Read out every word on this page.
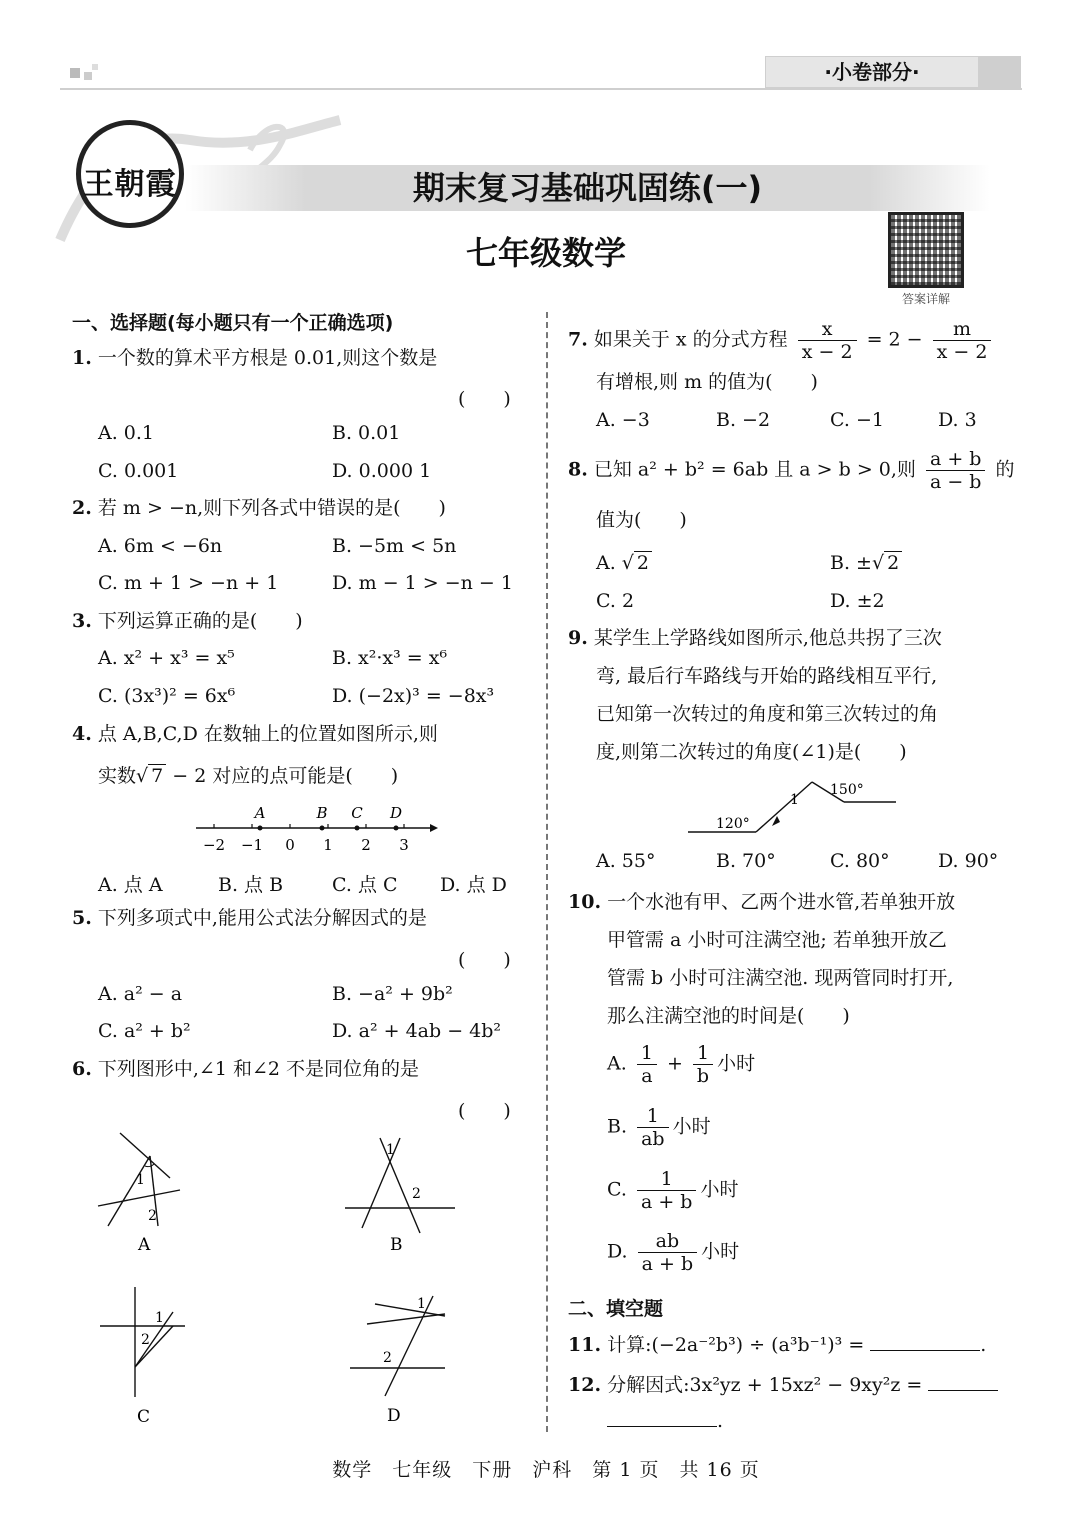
·小卷部分·
王朝霞	期末复习基础巩固练(一)
七年级数学
答案详解
一、选择题(每小题只有一个正确选项)
1. 一个数的算术平方根是 0.01,则这个数是
(　　)
A. 0.1	B. 0.01
C. 0.001	D. 0.000 1
2. 若 m > −n,则下列各式中错误的是(　　)
A. 6m < −6n	B. −5m < 5n
C. m + 1 > −n + 1	D. m − 1 > −n − 1
3. 下列运算正确的是(　　)
A. x² + x³ = x⁵	B. x²·x³ = x⁶
C. (3x³)² = 6x⁶	D. (−2x)³ = −8x³
4. 点 A,B,C,D 在数轴上的位置如图所示,则
实数√ 7 − 2 对应的点可能是(　　)
A	B C D
−2 −1 0 1 2 3
A. 点 A	B. 点 B	C. 点 C D. 点 D
5. 下列多项式中,能用公式法分解因式的是
(　　)
A. a² − a	B. −a² + 9b²
C. a² + b²	D. a² + 4ab − 4b²
6. 下列图形中,∠1 和∠2 不是同位角的是
(　　)
1
2
A
1
2
B
1
2
C
1
2
D
7. 如果关于 x 的分式方程 $\frac{x}{x - 2} = 2 - \frac{m}{x - 2}$
有增根,则 m 的值为(　　)
A. −3	B. −2	C. −1	D. 3
8. 已知 a² + b² = 6ab 且 a > b > 0,则 $\frac{a + b}{a - b}$ 的
值为(　　)
A. √ 2	B. ±√ 2
C. 2	D. ±2
9. 某学生上学路线如图所示,他总共拐了三次
弯, 最后行车路线与开始的路线相互平行,
已知第一次转过的角度和第三次转过的角
度,则第二次转过的角度(∠1)是(　　)
120°
1
150°
A. 55°	B. 70°	C. 80°	D. 90°
10. 一个水池有甲、乙两个进水管,若单独开放
甲管需 a 小时可注满空池; 若单独开放乙
管需 b 小时可注满空池. 现两管同时打开,
那么注满空池的时间是(　　)
A. $\frac{1}{a} + \frac{1}{b}$ 小时
B. $\frac{1}{ab}$ 小时
C. $\frac{1}{a + b}$ 小时
D. $\frac{ab}{a + b}$ 小时
二、填空题
11. 计算:(−2a⁻²b³) ÷ (a³b⁻¹)³ =	.
12. 分解因式:3x²yz + 15xz² − 9xy²z =
.
数学　七年级　下册　沪科　第 1 页　共 16 页
